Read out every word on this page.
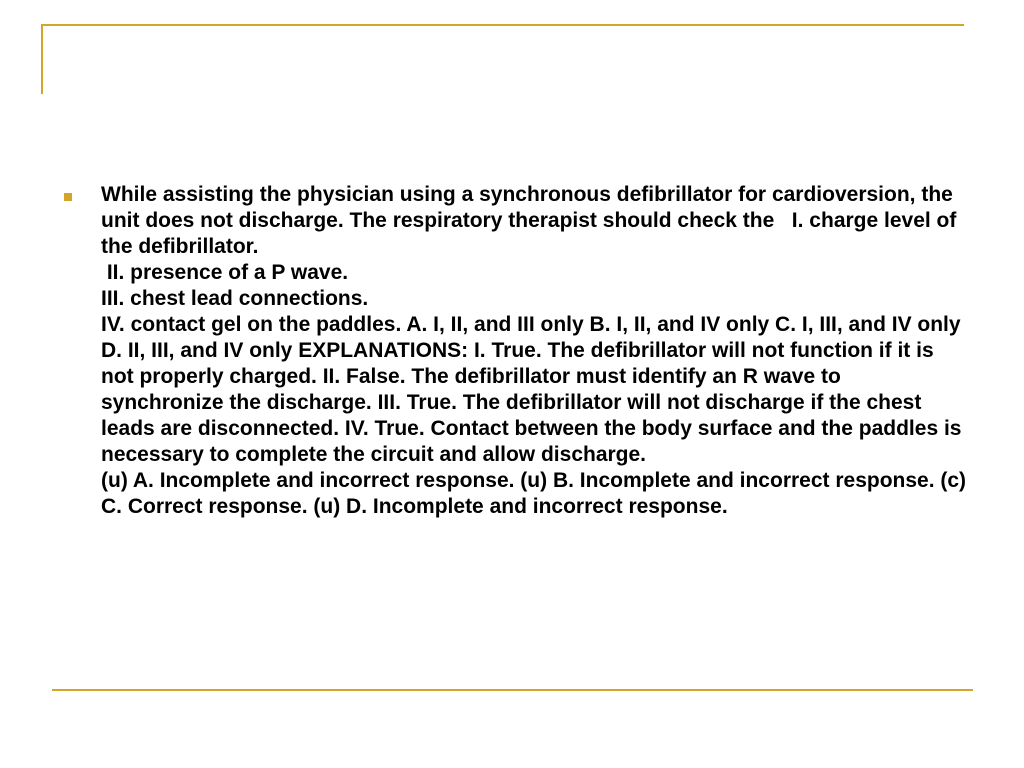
While assisting the physician using a synchronous defibrillator for cardioversion, the unit does not discharge. The respiratory therapist should check the   I. charge level of the defibrillator.
II. presence of a P wave.
III. chest lead connections.
IV. contact gel on the paddles. A. I, II, and III only B. I, II, and IV only C. I, III, and IV only D. II, III, and IV only EXPLANATIONS: I. True. The defibrillator will not function if it is not properly charged. II. False. The defibrillator must identify an R wave to synchronize the discharge. III. True. The defibrillator will not discharge if the chest leads are disconnected. IV. True. Contact between the body surface and the paddles is necessary to complete the circuit and allow discharge.
(u) A. Incomplete and incorrect response. (u) B. Incomplete and incorrect response. (c) C. Correct response. (u) D. Incomplete and incorrect response.
